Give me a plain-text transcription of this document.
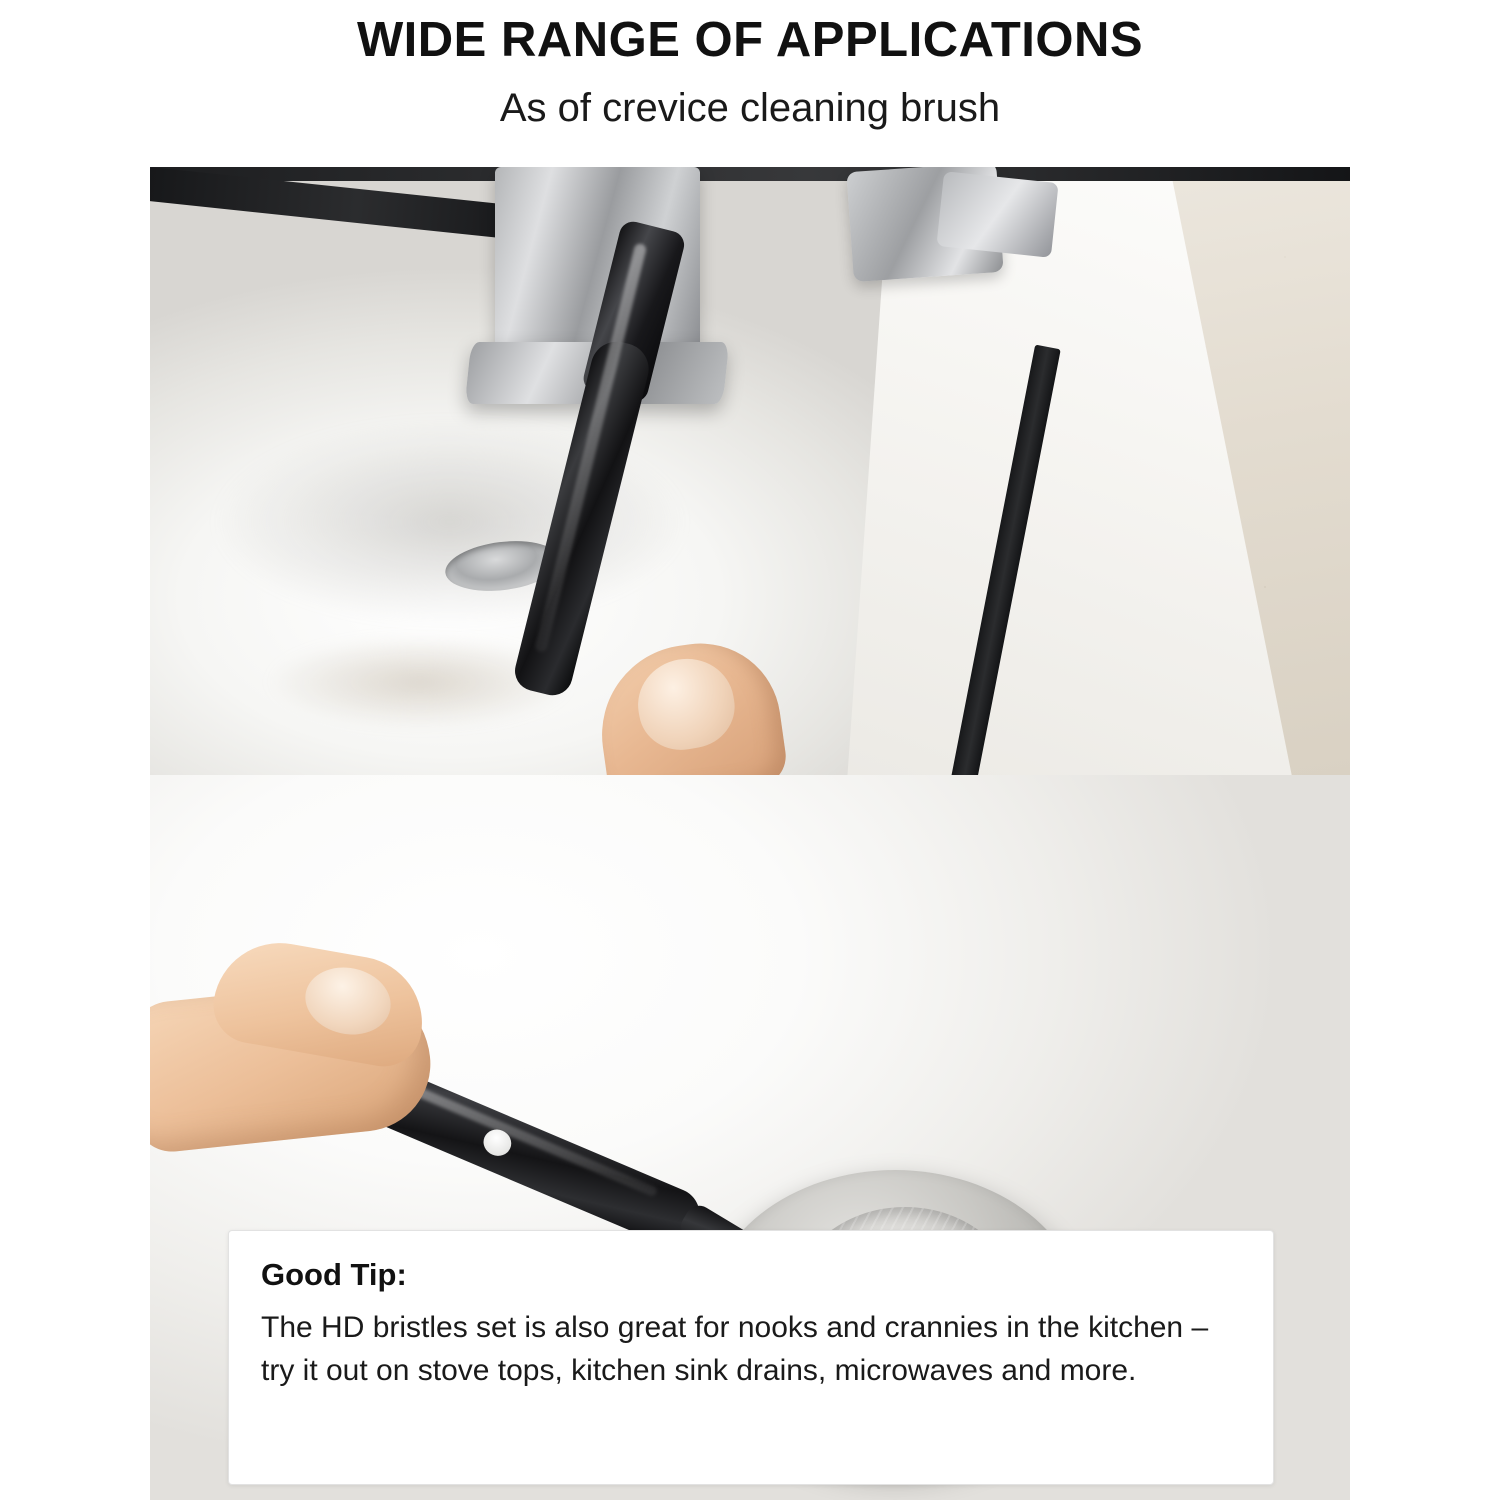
WIDE RANGE OF APPLICATIONS

As of crevice cleaning brush

Good Tip:

The HD bristles set is also great for nooks and crannies in the kitchen – try it out on stove tops, kitchen sink drains, microwaves and more.
